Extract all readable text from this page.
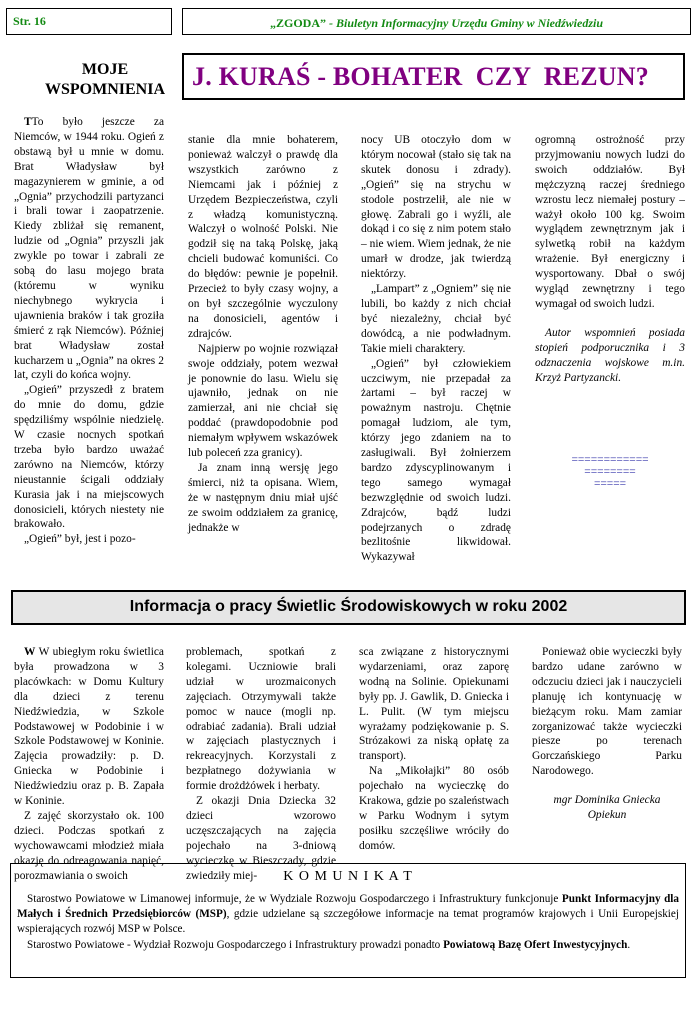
Str. 16	$_{„ZGODA” - Biuletyn Informacyjny Urzędu Gminy w Niedźwiedziu}$
MOJE
WSPOMNIENIA J. KURAŚ - BOHATER  CZY  REZUN?

TTo było jeszcze za Niemców, w 1944 roku. Ogień z obstawą był u mnie w domu. Brat Władysław był magazynierem w gminie, a od „Ognia” przychodzili partyzanci i brali towar i zaopatrzenie. Kiedy zbliżał się remanent, ludzie od „Ognia” przyszli jak zwykle po towar i zabrali ze sobą do lasu mojego brata (któremu w wyniku niechybnego wykrycia i ujawnienia braków i tak groziła śmierć z rąk Niemców). Później brat Władysław został kucharzem u „Ognia” na okres 2 lat, czyli do końca wojny.

„Ogień” przyszedł z bratem do mnie do domu, gdzie spędziliśmy wspólnie niedzielę. W czasie nocnych spotkań trzeba było bardzo uważać zarówno na Niemców, którzy nieustannie ścigali oddziały Kurasia jak i na miejscowych donosicieli, których niestety nie brakowało.

„Ogień” był, jest i pozo-

stanie dla mnie bohaterem, ponieważ walczył o prawdę dla wszystkich zarówno z Niemcami jak i później z Urzędem Bezpieczeństwa, czyli z władzą komunistyczną. Walczył o wolność Polski. Nie godził się na taką Polskę, jaką chcieli budować komuniści. Co do błędów: pewnie je popełnił. Przecież to były czasy wojny, a on był szczególnie wyczulony na donosicieli, agentów i zdrajców.

Najpierw po wojnie rozwiązał swoje oddziały, potem wezwał je ponownie do lasu. Wielu się ujawniło, jednak on nie zamierzał, ani nie chciał się poddać (prawdopodobnie pod niemałym wpływem wskazówek lub poleceń zza granicy).

Ja znam inną wersję jego śmierci, niż ta opisana. Wiem, że w następnym dniu miał ujść ze swoim oddziałem za granicę, jednakże w

nocy UB otoczyło dom w którym nocował (stało się tak na skutek donosu i zdrady). „Ogień” się na strychu w stodole postrzelił, ale nie w głowę. Zabrali go i wyźli, ale dokąd i co się z nim potem stało – nie wiem. Wiem jednak, że nie umarł w drodze, jak twierdzą niektórzy.

„Lampart” z „Ogniem” się nie lubili, bo każdy z nich chciał być niezależny, chciał być dowódcą, a nie podwładnym. Takie mieli charaktery.

„Ogień” był człowiekiem uczciwym, nie przepadał za żartami – był raczej w poważnym nastroju. Chętnie pomagał ludziom, ale tym, którzy jego zdaniem na to zasługiwali. Był żołnierzem bardzo zdyscyplinowanym i tego samego wymagał bezwzględnie od swoich ludzi. Zdrajców, bądź ludzi podejrzanych o zdradę bezlitośnie likwidował. Wykazywał

ogromną ostrożność przy przyjmowaniu nowych ludzi do swoich oddziałów. Był mężczyzną raczej średniego wzrostu lecz niemałej postury – ważył około 100 kg. Swoim wyglądem zewnętrznym jak i sylwetką robił na każdym wrażenie. Był energiczny i wysportowany. Dbał o swój wygląd zewnętrzny i tego wymagał od swoich ludzi.

Autor wspomnień posiada stopień podporucznika i 3 odznaczenia wojskowe m.in. Krzyż Partyzancki.

============
========
=====
Informacja o pracy Świetlic Środowiskowych w roku 2002

W W ubiegłym roku świetlica była prowadzona w 3 placówkach: w Domu Kultury dla dzieci z terenu Niedźwiedzia, w Szkole Podstawowej w Podobinie i w Szkole Podstawowej w Koninie. Zajęcia prowadziły: p. D. Gniecka w Podobinie i Niedźwiedziu oraz p. B. Zapała w Koninie.

Z zajęć skorzystało ok. 100 dzieci. Podczas spotkań z wychowawcami młodzież miała okazję do odreagowania napięć, porozmawiania o swoich

problemach, spotkań z kolegami. Uczniowie brali udział w urozmaiconych zajęciach. Otrzymywali także pomoc w nauce (mogli np. odrabiać zadania). Brali udział w zajęciach plastycznych i rekreacyjnych. Korzystali z bezpłatnego dożywiania w formie drożdżówek i herbaty.

Z okazji Dnia Dziecka 32 dzieci wzorowo uczęszczających na zajęcia pojechało na 3-dniową wycieczkę w Bieszczady, gdzie zwiedziły miej-

sca związane z historycznymi wydarzeniami, oraz zaporę wodną na Solinie. Opiekunami były pp. J. Gawlik, D. Gniecka i L. Pulit. (W tym miejscu wyrażamy podziękowanie p. S. Strózakowi za niską opłatę za transport).

Na „Mikołajki” 80 osób pojechało na wycieczkę do Krakowa, gdzie po szaleństwach w Parku Wodnym i sytym posiłku szczęśliwe wróciły do domów.

Ponieważ obie wycieczki były bardzo udane zarówno w odczuciu dzieci jak i nauczycieli planuję ich kontynuację w bieżącym roku. Mam zamiar zorganizować także wycieczki piesze po terenach Gorczańskiego Parku Narodowego.

mgr Dominika Gniecka
Opiekun
K O M U N I K A T

Starostwo Powiatowe w Limanowej informuje, że w Wydziale Rozwoju Gospodarczego i Infrastruktury funkcjonuje Punkt Informacyjny dla Małych i Średnich Przedsiębiorców (MSP), gdzie udzielane są szczegółowe informacje na temat programów krajowych i Unii Europejskiej wspierających rozwój MSP w Polsce.

Starostwo Powiatowe - Wydział Rozwoju Gospodarczego i Infrastruktury prowadzi ponadto Powiatową Bazę Ofert Inwestycyjnych.
